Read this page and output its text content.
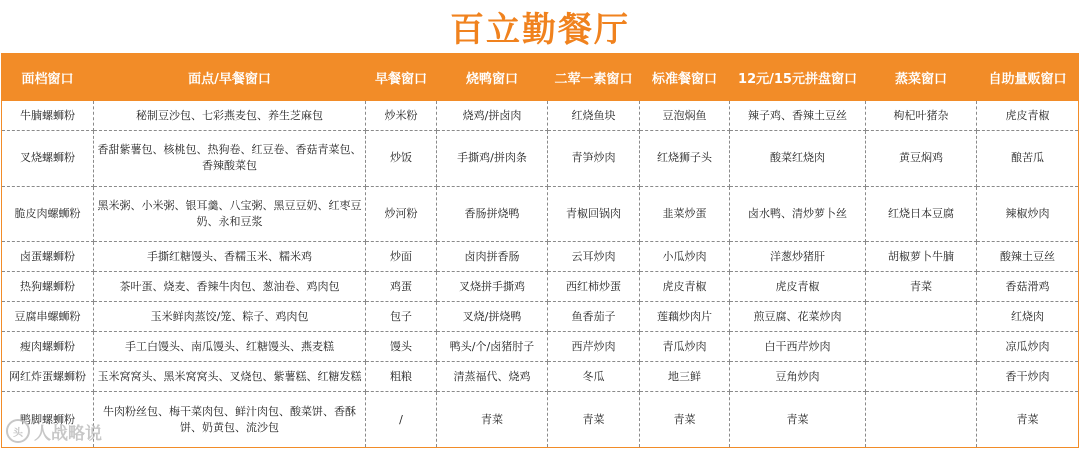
百立勤餐厅
面档窗口	面点/早餐窗口	早餐窗口	烧鸭窗口	二荤一素窗口	标准餐窗口	12元/15元拼盘窗口	蒸菜窗口	自助量贩窗口
牛腩螺蛳粉	秘制豆沙包、七彩燕麦包、养生芝麻包	炒米粉	烧鸡/拼卤肉	红烧鱼块	豆泡焖鱼	辣子鸡、香辣土豆丝	枸杞叶猪杂	虎皮青椒
叉烧螺蛳粉	香甜紫薯包、核桃包、热狗卷、红豆卷、香菇青菜包、香辣酸菜包	炒饭	手撕鸡/拼肉条	青笋炒肉	红烧狮子头	酸菜红烧肉	黄豆焖鸡	酿苦瓜
脆皮肉螺蛳粉	黑米粥、小米粥、银耳羹、八宝粥、黑豆豆奶、红枣豆奶、永和豆浆	炒河粉	香肠拼烧鸭	青椒回锅肉	韭菜炒蛋	卤水鸭、清炒萝卜丝	红烧日本豆腐	辣椒炒肉
卤蛋螺蛳粉	手撕红糖馒头、香糯玉米、糯米鸡	炒面	卤肉拼香肠	云耳炒肉	小瓜炒肉	洋葱炒猪肝	胡椒萝卜牛腩	酸辣土豆丝
热狗螺蛳粉	茶叶蛋、烧麦、香辣牛肉包、葱油卷、鸡肉包	鸡蛋	叉烧拼手撕鸡	西红柿炒蛋	虎皮青椒	虎皮青椒	青菜	香菇滑鸡
豆腐串螺蛳粉	玉米鲜肉蒸饺/笼、粽子、鸡肉包	包子	叉烧/拼烧鸭	鱼香茄子	莲藕炒肉片	煎豆腐、花菜炒肉		红烧肉
瘦肉螺蛳粉	手工白馒头、南瓜馒头、红糖馒头、燕麦糕	馒头	鸭头/个/卤猪肘子	西芹炒肉	青瓜炒肉	白干西芹炒肉		凉瓜炒肉
网红炸蛋螺蛳粉	玉米窝窝头、黑米窝窝头、叉烧包、紫薯糕、红糖发糕	粗粮	清蒸福代、烧鸡	冬瓜	地三鲜	豆角炒肉		香干炒肉
鸭脚螺蛳粉	牛肉粉丝包、梅干菜肉包、鲜汁肉包、酸菜饼、香酥饼、奶黄包、流沙包	/	青菜	青菜	青菜	青菜		青菜
头 人战略说
